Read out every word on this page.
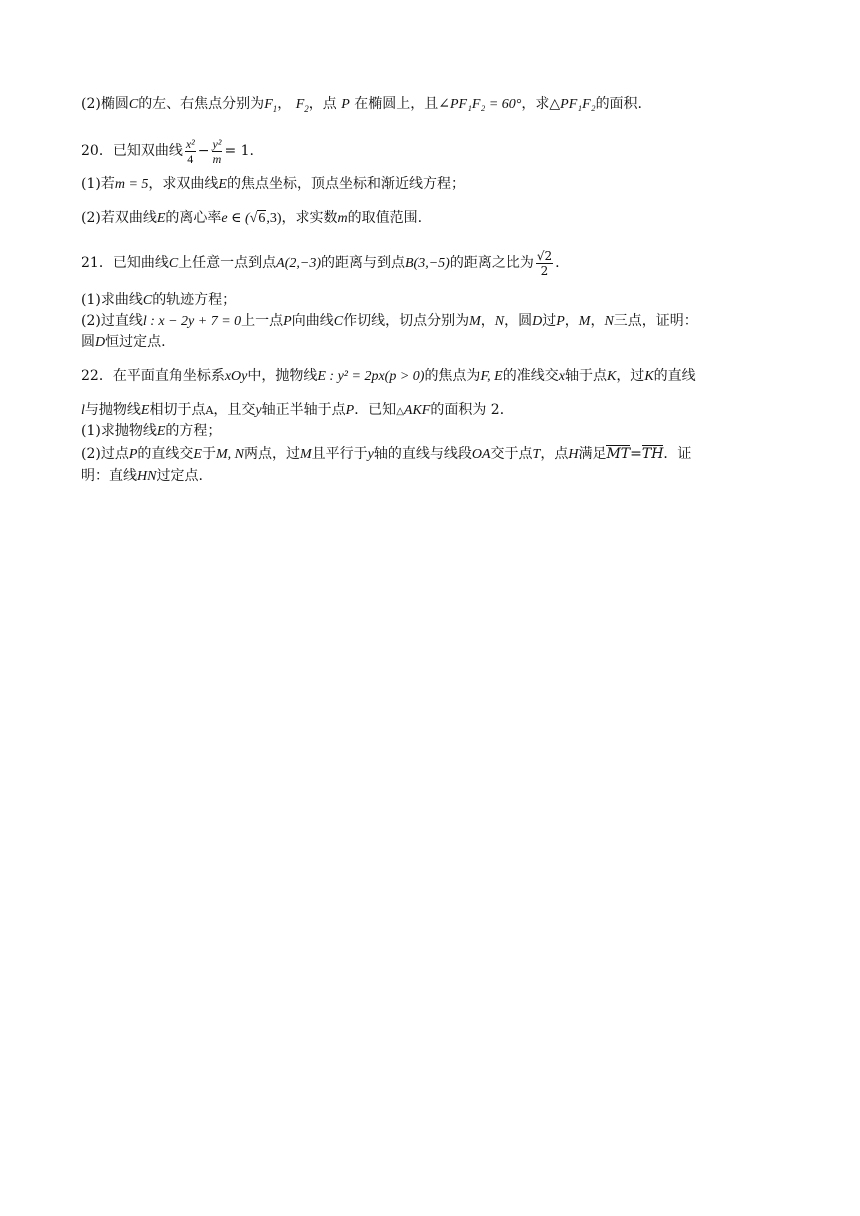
(2)椭圆C的左、右焦点分别为$F_1$， $F_2$，点 P 在椭圆上，且∠PF₁F₂ = 60°，求△PF₁F₂的面积.
20．已知双曲线 $\frac{\text{x²}}{4} - \frac{\text{y²}}{m} = 1$.
(1)若m = 5，求双曲线E的焦点坐标，顶点坐标和渐近线方程；
(2)若双曲线E的离心率e ∈ (√6,3)，求实数m的取值范围.
21．已知曲线C上任意一点到点A(2,−3)的距离与到点B(3,−5)的距离之比为 $\frac{√2}{2}$ .
(1)求曲线C的轨迹方程；
(2)过直线l : x − 2y + 7 = 0上一点P向曲线C作切线，切点分别为M，N，圆D过P，M，N三点，证明：
圆D恒过定点.
22．在平面直角坐标系xOy中，抛物线E : y² = 2px(p > 0)的焦点为F, E的准线交x轴于点K，过K的直线
l与抛物线E相切于点A，且交y轴正半轴于点P．已知△AKF的面积为 2．
(1)求抛物线E的方程；
(2)过点P的直线交E于M, N两点，过M且平行于y轴的直线与线段OA交于点T，点H满足MT=TH．证
明：直线HN过定点.
